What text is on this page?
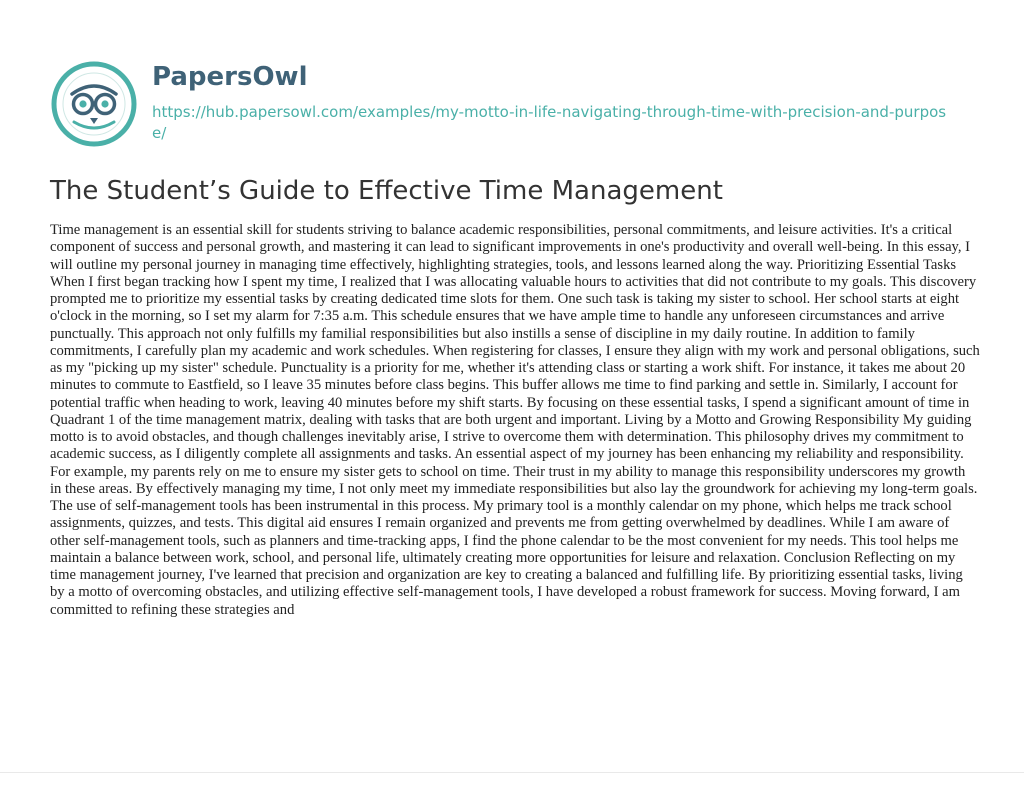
PapersOwl

https://hub.papersowl.com/examples/my-motto-in-life-navigating-through-time-with-precision-and-purpose/

The Student’s Guide to Effective Time Management

Time management is an essential skill for students striving to balance academic responsibilities, personal commitments, and leisure activities. It's a critical component of success and personal growth, and mastering it can lead to significant improvements in one's productivity and overall well-being. In this essay, I will outline my personal journey in managing time effectively, highlighting strategies, tools, and lessons learned along the way. Prioritizing Essential Tasks When I first began tracking how I spent my time, I realized that I was allocating valuable hours to activities that did not contribute to my goals. This discovery prompted me to prioritize my essential tasks by creating dedicated time slots for them. One such task is taking my sister to school. Her school starts at eight o'clock in the morning, so I set my alarm for 7:35 a.m. This schedule ensures that we have ample time to handle any unforeseen circumstances and arrive punctually. This approach not only fulfills my familial responsibilities but also instills a sense of discipline in my daily routine. In addition to family commitments, I carefully plan my academic and work schedules. When registering for classes, I ensure they align with my work and personal obligations, such as my "picking up my sister" schedule. Punctuality is a priority for me, whether it's attending class or starting a work shift. For instance, it takes me about 20 minutes to commute to Eastfield, so I leave 35 minutes before class begins. This buffer allows me time to find parking and settle in. Similarly, I account for potential traffic when heading to work, leaving 40 minutes before my shift starts. By focusing on these essential tasks, I spend a significant amount of time in Quadrant 1 of the time management matrix, dealing with tasks that are both urgent and important. Living by a Motto and Growing Responsibility My guiding motto is to avoid obstacles, and though challenges inevitably arise, I strive to overcome them with determination. This philosophy drives my commitment to academic success, as I diligently complete all assignments and tasks. An essential aspect of my journey has been enhancing my reliability and responsibility. For example, my parents rely on me to ensure my sister gets to school on time. Their trust in my ability to manage this responsibility underscores my growth in these areas. By effectively managing my time, I not only meet my immediate responsibilities but also lay the groundwork for achieving my long-term goals. The use of self-management tools has been instrumental in this process. My primary tool is a monthly calendar on my phone, which helps me track school assignments, quizzes, and tests. This digital aid ensures I remain organized and prevents me from getting overwhelmed by deadlines. While I am aware of other self-management tools, such as planners and time-tracking apps, I find the phone calendar to be the most convenient for my needs. This tool helps me maintain a balance between work, school, and personal life, ultimately creating more opportunities for leisure and relaxation. Conclusion Reflecting on my time management journey, I've learned that precision and organization are key to creating a balanced and fulfilling life. By prioritizing essential tasks, living by a motto of overcoming obstacles, and utilizing effective self-management tools, I have developed a robust framework for success. Moving forward, I am committed to refining these strategies and
